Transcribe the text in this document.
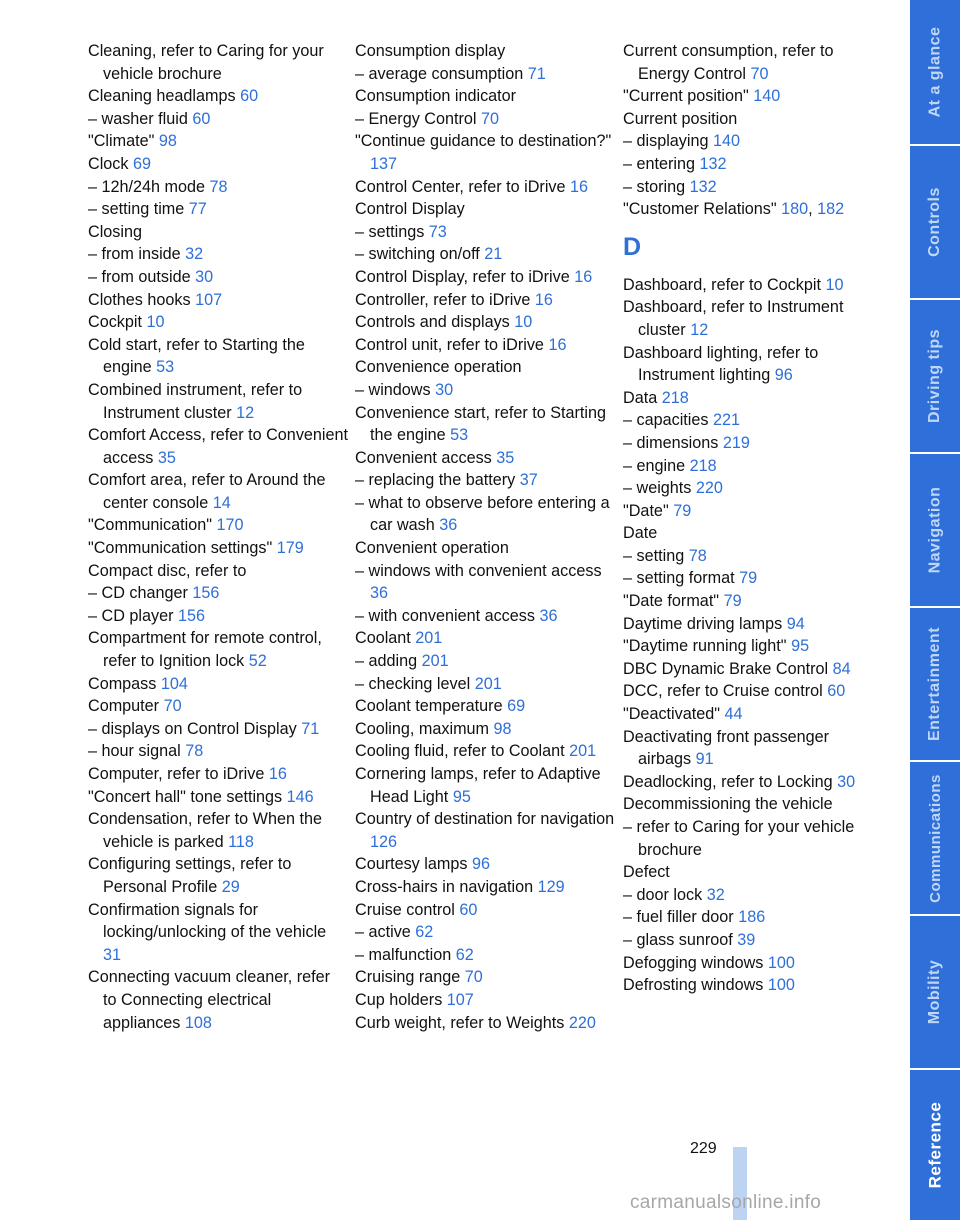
Cleaning, refer to Caring for your vehicle brochure
Cleaning headlamps 60
– washer fluid 60
"Climate" 98
Clock 69
– 12h/24h mode 78
– setting time 77
Closing
– from inside 32
– from outside 30
Clothes hooks 107
Cockpit 10
Cold start, refer to Starting the engine 53
Combined instrument, refer to Instrument cluster 12
Comfort Access, refer to Convenient access 35
Comfort area, refer to Around the center console 14
"Communication" 170
"Communication settings" 179
Compact disc, refer to
– CD changer 156
– CD player 156
Compartment for remote control, refer to Ignition lock 52
Compass 104
Computer 70
– displays on Control Display 71
– hour signal 78
Computer, refer to iDrive 16
"Concert hall" tone settings 146
Condensation, refer to When the vehicle is parked 118
Configuring settings, refer to Personal Profile 29
Confirmation signals for locking/unlocking of the vehicle 31
Connecting vacuum cleaner, refer to Connecting electrical appliances 108
Consumption display
– average consumption 71
Consumption indicator
– Energy Control 70
"Continue guidance to destination?" 137
Control Center, refer to iDrive 16
Control Display
– settings 73
– switching on/off 21
Control Display, refer to iDrive 16
Controller, refer to iDrive 16
Controls and displays 10
Control unit, refer to iDrive 16
Convenience operation
– windows 30
Convenience start, refer to Starting the engine 53
Convenient access 35
– replacing the battery 37
– what to observe before entering a car wash 36
Convenient operation
– windows with convenient access 36
– with convenient access 36
Coolant 201
– adding 201
– checking level 201
Coolant temperature 69
Cooling, maximum 98
Cooling fluid, refer to Coolant 201
Cornering lamps, refer to Adaptive Head Light 95
Country of destination for navigation 126
Courtesy lamps 96
Cross-hairs in navigation 129
Cruise control 60
– active 62
– malfunction 62
Cruising range 70
Cup holders 107
Curb weight, refer to Weights 220
Current consumption, refer to Energy Control 70
"Current position" 140
Current position
– displaying 140
– entering 132
– storing 132
"Customer Relations" 180, 182
D
Dashboard, refer to Cockpit 10
Dashboard, refer to Instrument cluster 12
Dashboard lighting, refer to Instrument lighting 96
Data 218
– capacities 221
– dimensions 219
– engine 218
– weights 220
"Date" 79
Date
– setting 78
– setting format 79
"Date format" 79
Daytime driving lamps 94
"Daytime running light" 95
DBC Dynamic Brake Control 84
DCC, refer to Cruise control 60
"Deactivated" 44
Deactivating front passenger airbags 91
Deadlocking, refer to Locking 30
Decommissioning the vehicle
– refer to Caring for your vehicle brochure
Defect
– door lock 32
– fuel filler door 186
– glass sunroof 39
Defogging windows 100
Defrosting windows 100
At a glance
Controls
Driving tips
Navigation
Entertainment
Communications
Mobility
Reference
229
carmanualsonline.info
